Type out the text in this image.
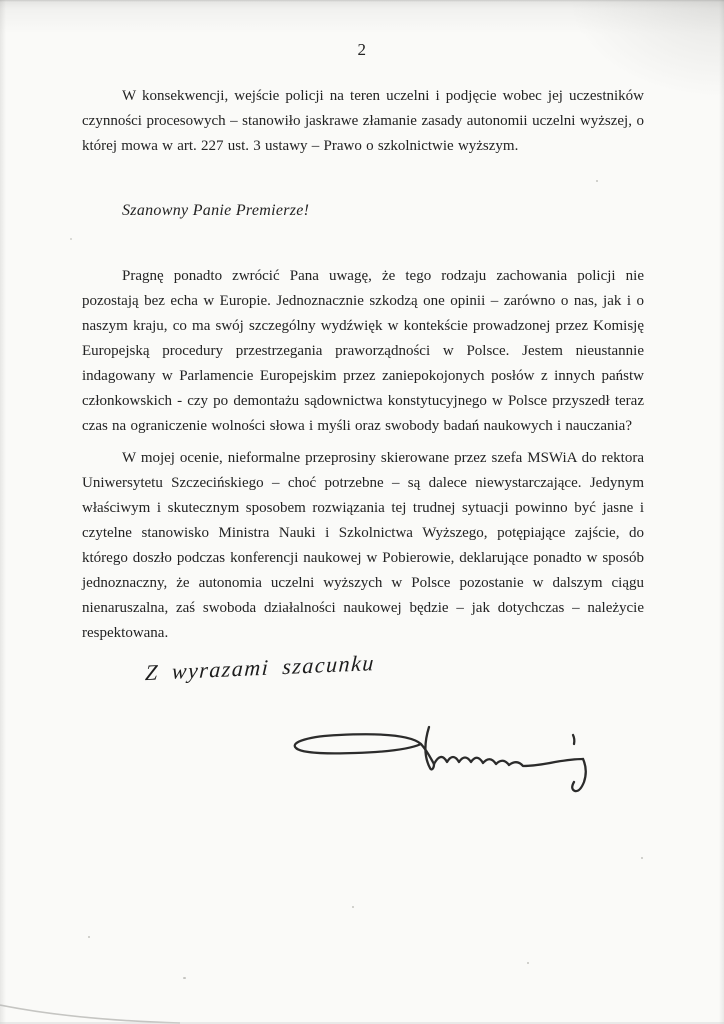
2
W konsekwencji, wejście policji na teren uczelni i podjęcie wobec jej uczestników czynności procesowych – stanowiło jaskrawe złamanie zasady autonomii uczelni wyższej, o której mowa w art. 227 ust. 3 ustawy – Prawo o szkolnictwie wyższym.
Szanowny Panie Premierze!
Pragnę ponadto zwrócić Pana uwagę, że tego rodzaju zachowania policji nie pozostają bez echa w Europie. Jednoznacznie szkodzą one opinii – zarówno o nas, jak i o naszym kraju, co ma swój szczególny wydźwięk w kontekście prowadzonej przez Komisję Europejską procedury przestrzegania praworządności w Polsce. Jestem nieustannie indagowany w Parlamencie Europejskim przez zaniepokojonych posłów z innych państw członkowskich - czy po demontażu sądownictwa konstytucyjnego w Polsce przyszedł teraz czas na ograniczenie wolności słowa i myśli oraz swobody badań naukowych i nauczania?
W mojej ocenie, nieformalne przeprosiny skierowane przez szefa MSWiA do rektora Uniwersytetu Szczecińskiego – choć potrzebne – są dalece niewystarczające. Jedynym właściwym i skutecznym sposobem rozwiązania tej trudnej sytuacji powinno być jasne i czytelne stanowisko Ministra Nauki i Szkolnictwa Wyższego, potępiające zajście, do którego doszło podczas konferencji naukowej w Pobierowie, deklarujące ponadto w sposób jednoznaczny, że autonomia uczelni wyższych w Polsce pozostanie w dalszym ciągu nienaruszalna, zaś swoboda działalności naukowej będzie – jak dotychczas – należycie respektowana.
Z wyrazami szacunku
